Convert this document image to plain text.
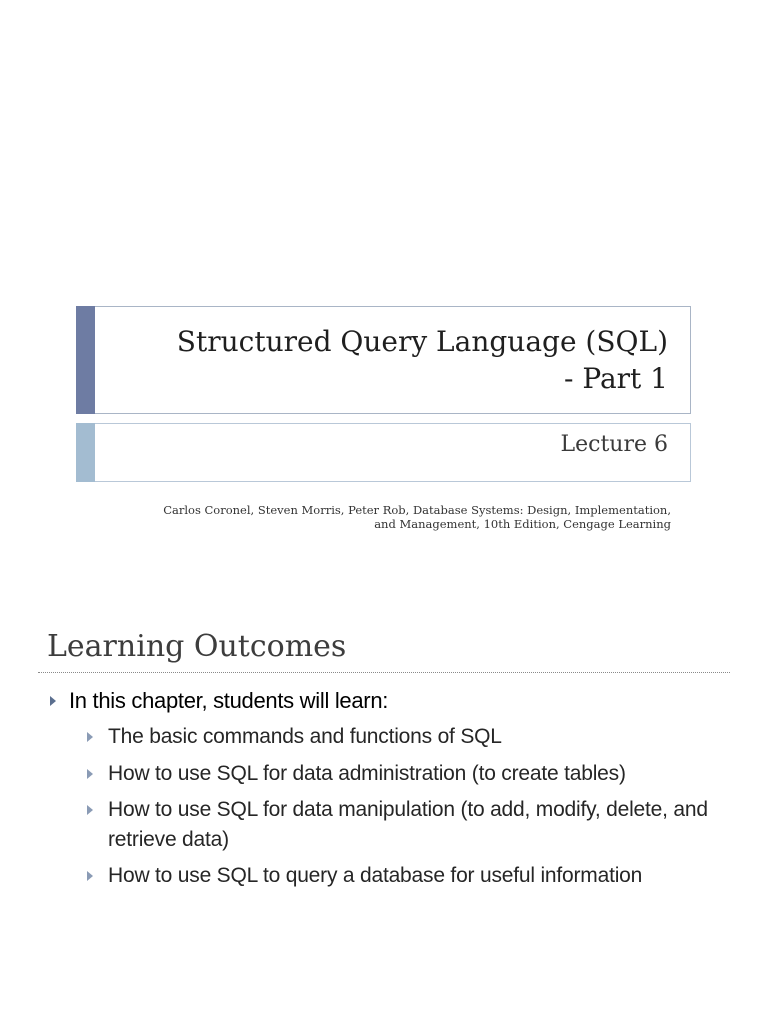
Structured Query Language (SQL)
- Part 1
Lecture 6
Carlos Coronel, Steven Morris, Peter Rob, Database Systems: Design, Implementation, and Management, 10th Edition, Cengage Learning
Learning Outcomes
In this chapter, students will learn:
The basic commands and functions of SQL
How to use SQL for data administration (to create tables)
How to use SQL for data manipulation (to add, modify, delete, and retrieve data)
How to use SQL to query a database for useful information
